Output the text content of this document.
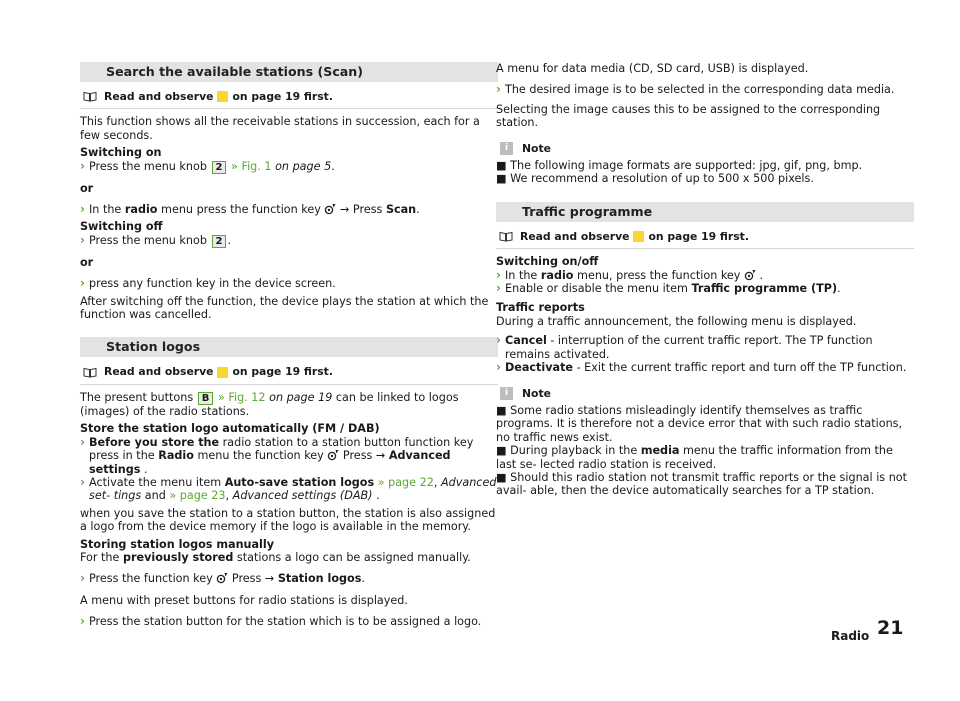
Search the available stations (Scan)
Read and observe on page 19 first.

This function shows all the receivable stations in succession, each for a few seconds.

Switching on

› Press the menu knob 2 » Fig. 1 on page 5.

or

› In the radio menu press the function key → Press Scan.

Switching off

› Press the menu knob 2 .

or

› press any function key in the device screen.

After switching off the function, the device plays the station at which the function was cancelled.

Station logos
Read and observe on page 19 first.

The present buttons B » Fig. 12 on page 19 can be linked to logos (images) of the radio stations.

Store the station logo automatically (FM / DAB)

› Before you store the radio station to a station button function key press in the Radio menu the function key Press → Advanced settings .
› Activate the menu item Auto-save station logos » page 22, Advanced set- tings and » page 23, Advanced settings (DAB) .

when you save the station to a station button, the station is also assigned a logo from the device memory if the logo is available in the memory.

Storing station logos manually

For the previously stored stations a logo can be assigned manually.

› Press the function key Press → Station logos.

A menu with preset buttons for radio stations is displayed.

› Press the station button for the station which is to be assigned a logo.

A menu for data media (CD, SD card, USB) is displayed.

› The desired image is to be selected in the corresponding data media.

Selecting the image causes this to be assigned to the corresponding station.

i	Note

■ The following image formats are supported: jpg, gif, png, bmp.

■ We recommend a resolution of up to 500 x 500 pixels.

Traffic programme
Read and observe on page 19 first.

Switching on/off

› In the radio menu, press the function key .
› Enable or disable the menu item Traffic programme (TP).

Traffic reports

During a traffic announcement, the following menu is displayed.

› Cancel - interruption of the current traffic report. The TP function remains activated.
› Deactivate - Exit the current traffic report and turn off the TP function.
i	Note

■ Some radio stations misleadingly identify themselves as traffic programs. It is therefore not a device error that with such radio stations, no traffic news exist.

■ During playback in the media menu the traffic information from the last se- lected radio station is received.

■ Should this radio station not transmit traffic reports or the signal is not avail- able, then the device automatically searches for a TP station.

Radio 21
